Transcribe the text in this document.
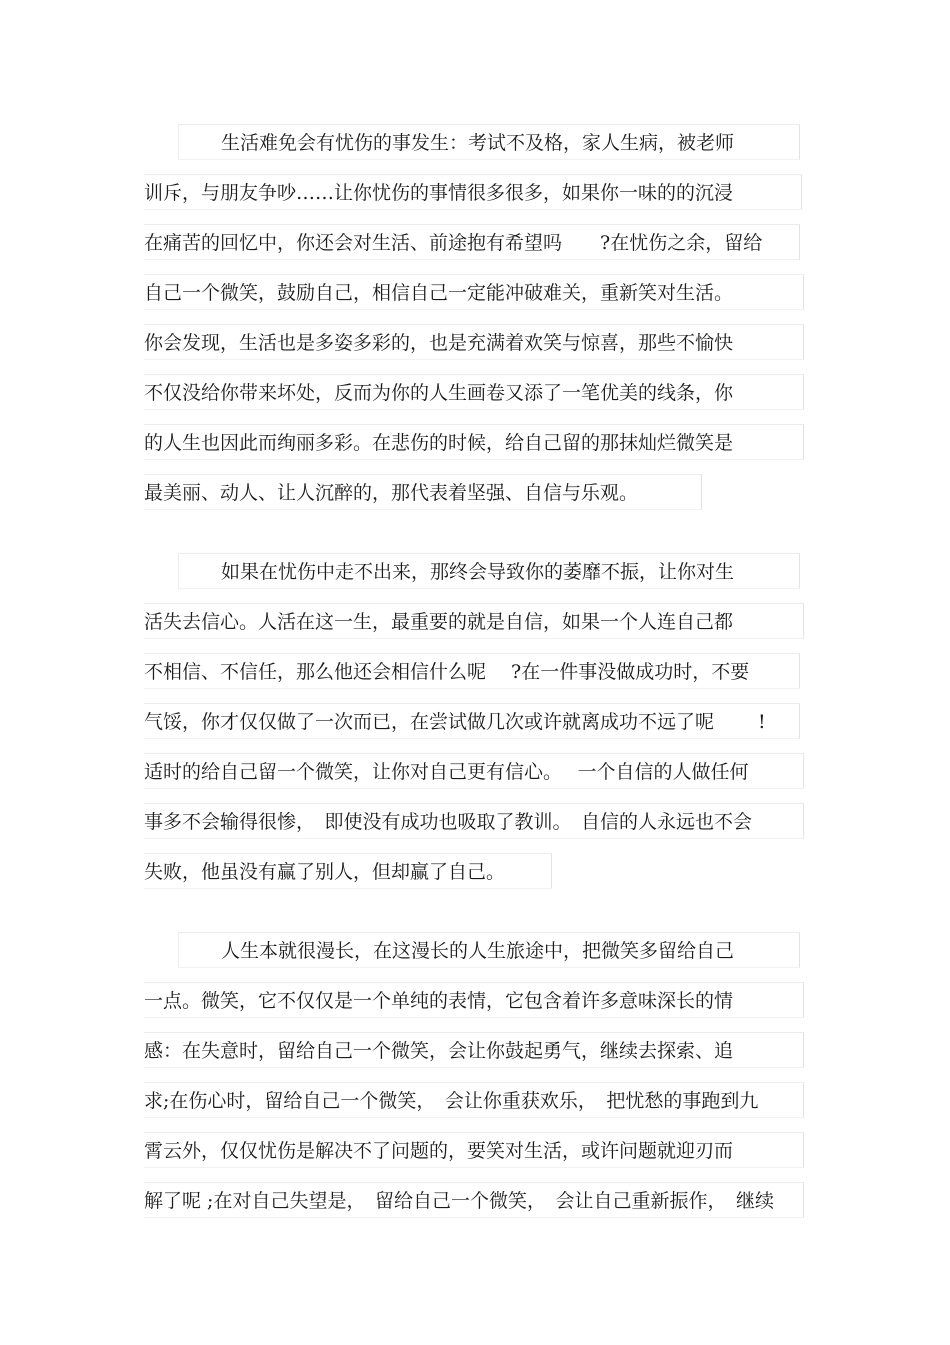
生活难免会有忧伤的事发生：考试不及格，家人生病，被老师
训斥，与朋友争吵……让你忧伤的事情很多很多，如果你一味的的沉浸
在痛苦的回忆中，你还会对生活、前途抱有希望吗　　?在忧伤之余，留给
自己一个微笑，鼓励自己，相信自己一定能冲破难关，重新笑对生活。
你会发现，生活也是多姿多彩的，也是充满着欢笑与惊喜，那些不愉快
不仅没给你带来坏处，反而为你的人生画卷又添了一笔优美的线条，你
的人生也因此而绚丽多彩。在悲伤的时候，给自己留的那抹灿烂微笑是
最美丽、动人、让人沉醉的，那代表着坚强、自信与乐观。
如果在忧伤中走不出来，那终会导致你的萎靡不振，让你对生
活失去信心。人活在这一生，最重要的就是自信，如果一个人连自己都
不相信、不信任，那么他还会相信什么呢　 ?在一件事没做成功时，不要
气馁，你才仅仅做了一次而已，在尝试做几次或许就离成功不远了呢　　 !
适时的给自己留一个微笑，让你对自己更有信心。　 一个自信的人做任何
事多不会输得很惨，　即使没有成功也吸取了教训。　自信的人永远也不会
失败，他虽没有赢了别人，但却赢了自己。
人生本就很漫长，在这漫长的人生旅途中，把微笑多留给自己
一点。微笑，它不仅仅是一个单纯的表情，它包含着许多意味深长的情
感：在失意时，留给自己一个微笑，会让你鼓起勇气，继续去探索、追
求;在伤心时，留给自己一个微笑，　会让你重获欢乐，　把忧愁的事跑到九
霄云外，仅仅忧伤是解决不了问题的，要笑对生活，或许问题就迎刃而
解了呢 ;在对自己失望是，　留给自己一个微笑，　会让自己重新振作，　继续
